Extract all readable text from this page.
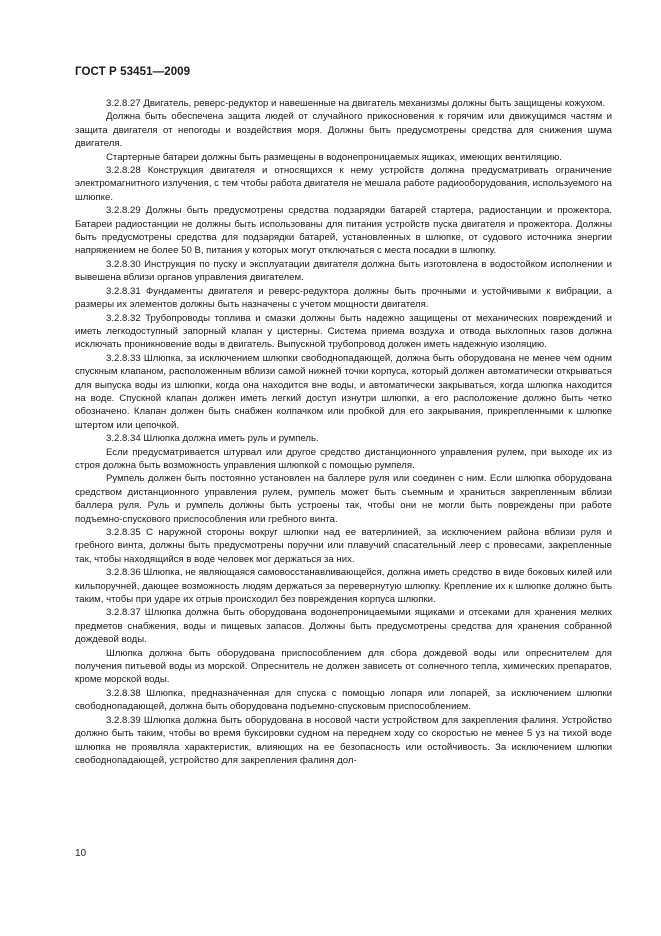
ГОСТ Р 53451—2009

3.2.8.27 Двигатель, реверс-редуктор и навешенные на двигатель механизмы должны быть защищены кожухом.

Должна быть обеспечена защита людей от случайного прикосновения к горячим или движущимся частям и защита двигателя от непогоды и воздействия моря. Должны быть предусмотрены средства для снижения шума двигателя.

Стартерные батареи должны быть размещены в водонепроницаемых ящиках, имеющих вентиляцию.

3.2.8.28 Конструкция двигателя и относящихся к нему устройств должна предусматривать ограничение электромагнитного излучения, с тем чтобы работа двигателя не мешала работе радиооборудования, используемого на шлюпке.

3.2.8.29 Должны быть предусмотрены средства подзарядки батарей стартера, радиостанции и прожектора. Батареи радиостанции не должны быть использованы для питания устройств пуска двигателя и прожектора. Должны быть предусмотрены средства для подзарядки батарей, установленных в шлюпке, от судового источника энергии напряжением не более 50 В, питания у которых могут отключаться с места посадки в шлюпку.

3.2.8.30 Инструкция по пуску и эксплуатации двигателя должна быть изготовлена в водостойком исполнении и вывешена вблизи органов управления двигателем.

3.2.8.31 Фундаменты двигателя и реверс-редуктора должны быть прочными и устойчивыми к вибрации, а размеры их элементов должны быть назначены с учетом мощности двигателя.

3.2.8.32 Трубопроводы топлива и смазки должны быть надежно защищены от механических повреждений и иметь легкодоступный запорный клапан у цистерны. Система приема воздуха и отвода выхлопных газов должна исключать проникновение воды в двигатель. Выпускной трубопровод должен иметь надежную изоляцию.

3.2.8.33 Шлюпка, за исключением шлюпки свободнопадающей, должна быть оборудована не менее чем одним спускным клапаном, расположенным вблизи самой нижней точки корпуса, который должен автоматически открываться для выпуска воды из шлюпки, когда она находится вне воды, и автоматически закрываться, когда шлюпка находится на воде. Спускной клапан должен иметь легкий доступ изнутри шлюпки, а его расположение должно быть четко обозначено. Клапан должен быть снабжен колпачком или пробкой для его закрывания, прикрепленными к шлюпке штертом или цепочкой.

3.2.8.34 Шлюпка должна иметь руль и румпель.

Если предусматривается штурвал или другое средство дистанционного управления рулем, при выходе их из строя должна быть возможность управления шлюпкой с помощью румпеля.

Румпель должен быть постоянно установлен на баллере руля или соединен с ним. Если шлюпка оборудована средством дистанционного управления рулем, румпель может быть съемным и храниться закрепленным вблизи баллера руля. Руль и румпель должны быть устроены так, чтобы они не могли быть повреждены при работе подъемно-спускового приспособления или гребного винта.

3.2.8.35 С наружной стороны вокруг шлюпки над ее ватерлинией, за исключением района вблизи руля и гребного винта, должны быть предусмотрены поручни или плавучий спасательный леер с провесами, закрепленные так, чтобы находящийся в воде человек мог держаться за них.

3.2.8.36 Шлюпка, не являющаяся самовосстанавливающейся, должна иметь средство в виде боковых килей или кильпоручней, дающее возможность людям держаться за перевернутую шлюпку. Крепление их к шлюпке должно быть таким, чтобы при ударе их отрыв происходил без повреждения корпуса шлюпки.

3.2.8.37 Шлюпка должна быть оборудована водонепроницаемыми ящиками и отсеками для хранения мелких предметов снабжения, воды и пищевых запасов. Должны быть предусмотрены средства для хранения собранной дождевой воды.

Шлюпка должна быть оборудована приспособлением для сбора дождевой воды или опреснителем для получения питьевой воды из морской. Опреснитель не должен зависеть от солнечного тепла, химических препаратов, кроме морской воды.

3.2.8.38 Шлюпка, предназначенная для спуска с помощью лопаря или лопарей, за исключением шлюпки свободнопадающей, должна быть оборудована подъемно-спусковым приспособлением.

3.2.8.39 Шлюпка должна быть оборудована в носовой части устройством для закрепления фалиня. Устройство должно быть таким, чтобы во время буксировки судном на переднем ходу со скоростью не менее 5 уз на тихой воде шлюпка не проявляла характеристик, влияющих на ее безопасность или остойчивость. За исключением шлюпки свободнопадающей, устройство для закрепления фалиня дол-

10
